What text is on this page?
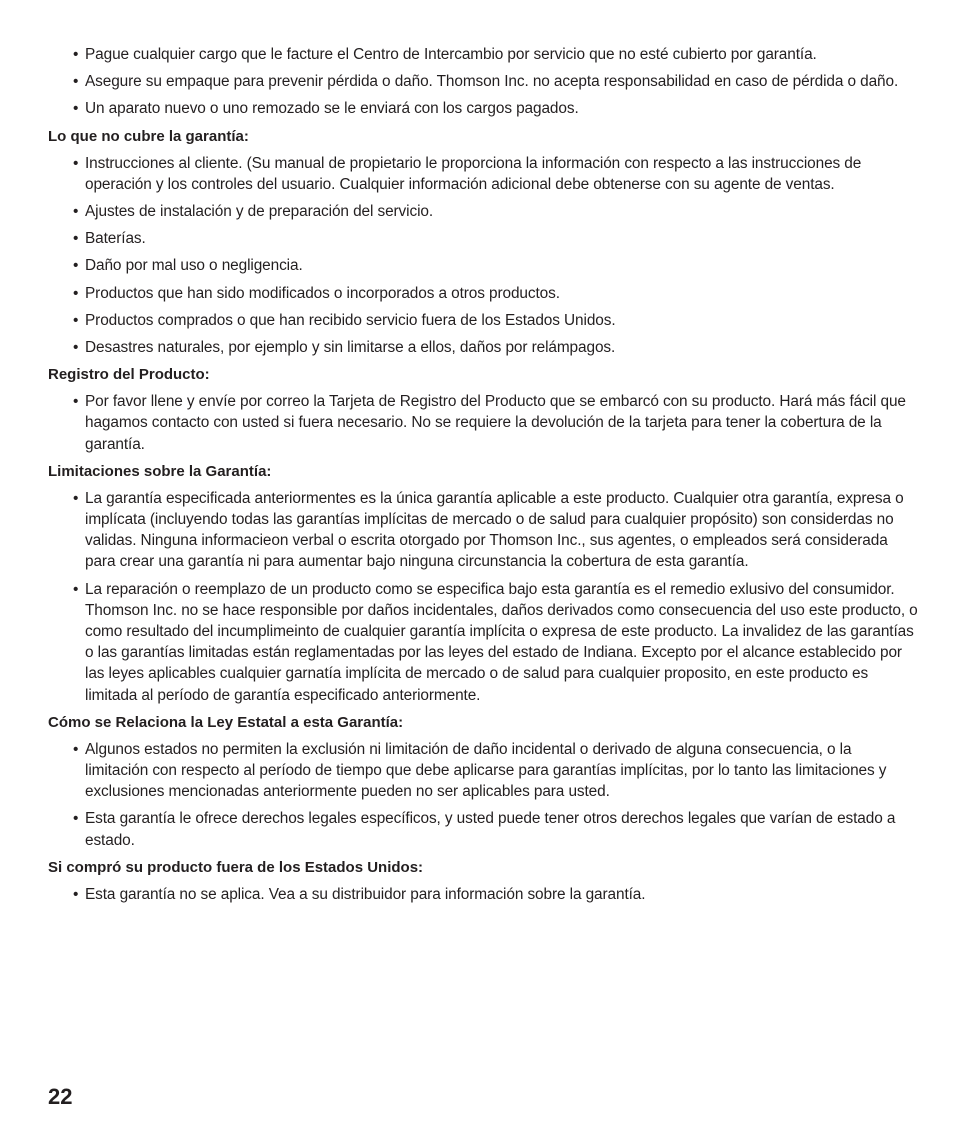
• Pague cualquier cargo que le facture el Centro de Intercambio por servicio que no esté cubierto por garantía.
• Asegure su empaque para prevenir pérdida o daño. Thomson Inc. no acepta responsabilidad en caso de pérdida o daño.
• Un aparato nuevo o uno remozado se le enviará con los cargos pagados.
Lo que no cubre la garantía:
• Instrucciones al cliente. (Su manual de propietario le proporciona la información con respecto a las instrucciones de operación y los controles del usuario. Cualquier información adicional debe obtenerse con su agente de ventas.
• Ajustes de instalación y de preparación del servicio.
• Baterías.
• Daño por mal uso o negligencia.
• Productos que han sido modificados o incorporados a otros productos.
• Productos comprados o que han recibido servicio fuera de los Estados Unidos.
• Desastres naturales, por ejemplo y sin limitarse a ellos, daños por relámpagos.
Registro del Producto:
• Por favor llene y envíe por correo la Tarjeta de Registro del Producto que se embarcó con su producto. Hará más fácil que hagamos contacto con usted si fuera necesario. No se requiere la devolución de la tarjeta para tener la cobertura de la garantía.
Limitaciones sobre la Garantía:
• La garantía especificada anteriormentes es la única garantía aplicable a este producto. Cualquier otra garantía, expresa o implícata (incluyendo todas las garantías implícitas de mercado o de salud para cualquier propósito) son considerdas no validas. Ninguna informacieon verbal o escrita otorgado por Thomson Inc., sus agentes, o empleados será considerada para crear una garantía ni para aumentar bajo ninguna circunstancia la cobertura de esta garantía.
• La reparación o reemplazo de un producto como se especifica bajo esta garantía es el remedio exlusivo del consumidor. Thomson Inc. no se hace responsible por daños incidentales, daños derivados como consecuencia del uso este producto, o como resultado del incumplimeinto de cualquier garantía implícita o expresa de este producto. La invalidez de las garantías o las garantías limitadas están reglamentadas por las leyes del estado de Indiana. Excepto por el alcance establecido por las leyes aplicables cualquier garnatía implícita de mercado o de salud para cualquier proposito, en este producto es limitada al período de garantía especificado anteriormente.
Cómo se Relaciona la Ley Estatal a esta Garantía:
• Algunos estados no permiten la exclusión ni limitación de daño incidental o derivado de alguna consecuencia, o la limitación con respecto al período de tiempo que debe aplicarse para garantías implícitas, por lo tanto las limitaciones y exclusiones mencionadas anteriormente pueden no ser aplicables para usted.
• Esta garantía le ofrece derechos legales específicos, y usted puede tener otros derechos legales que varían de estado a estado.
Si compró su producto fuera de los Estados Unidos:
• Esta garantía no se aplica. Vea a su distribuidor para información sobre la garantía.
22
